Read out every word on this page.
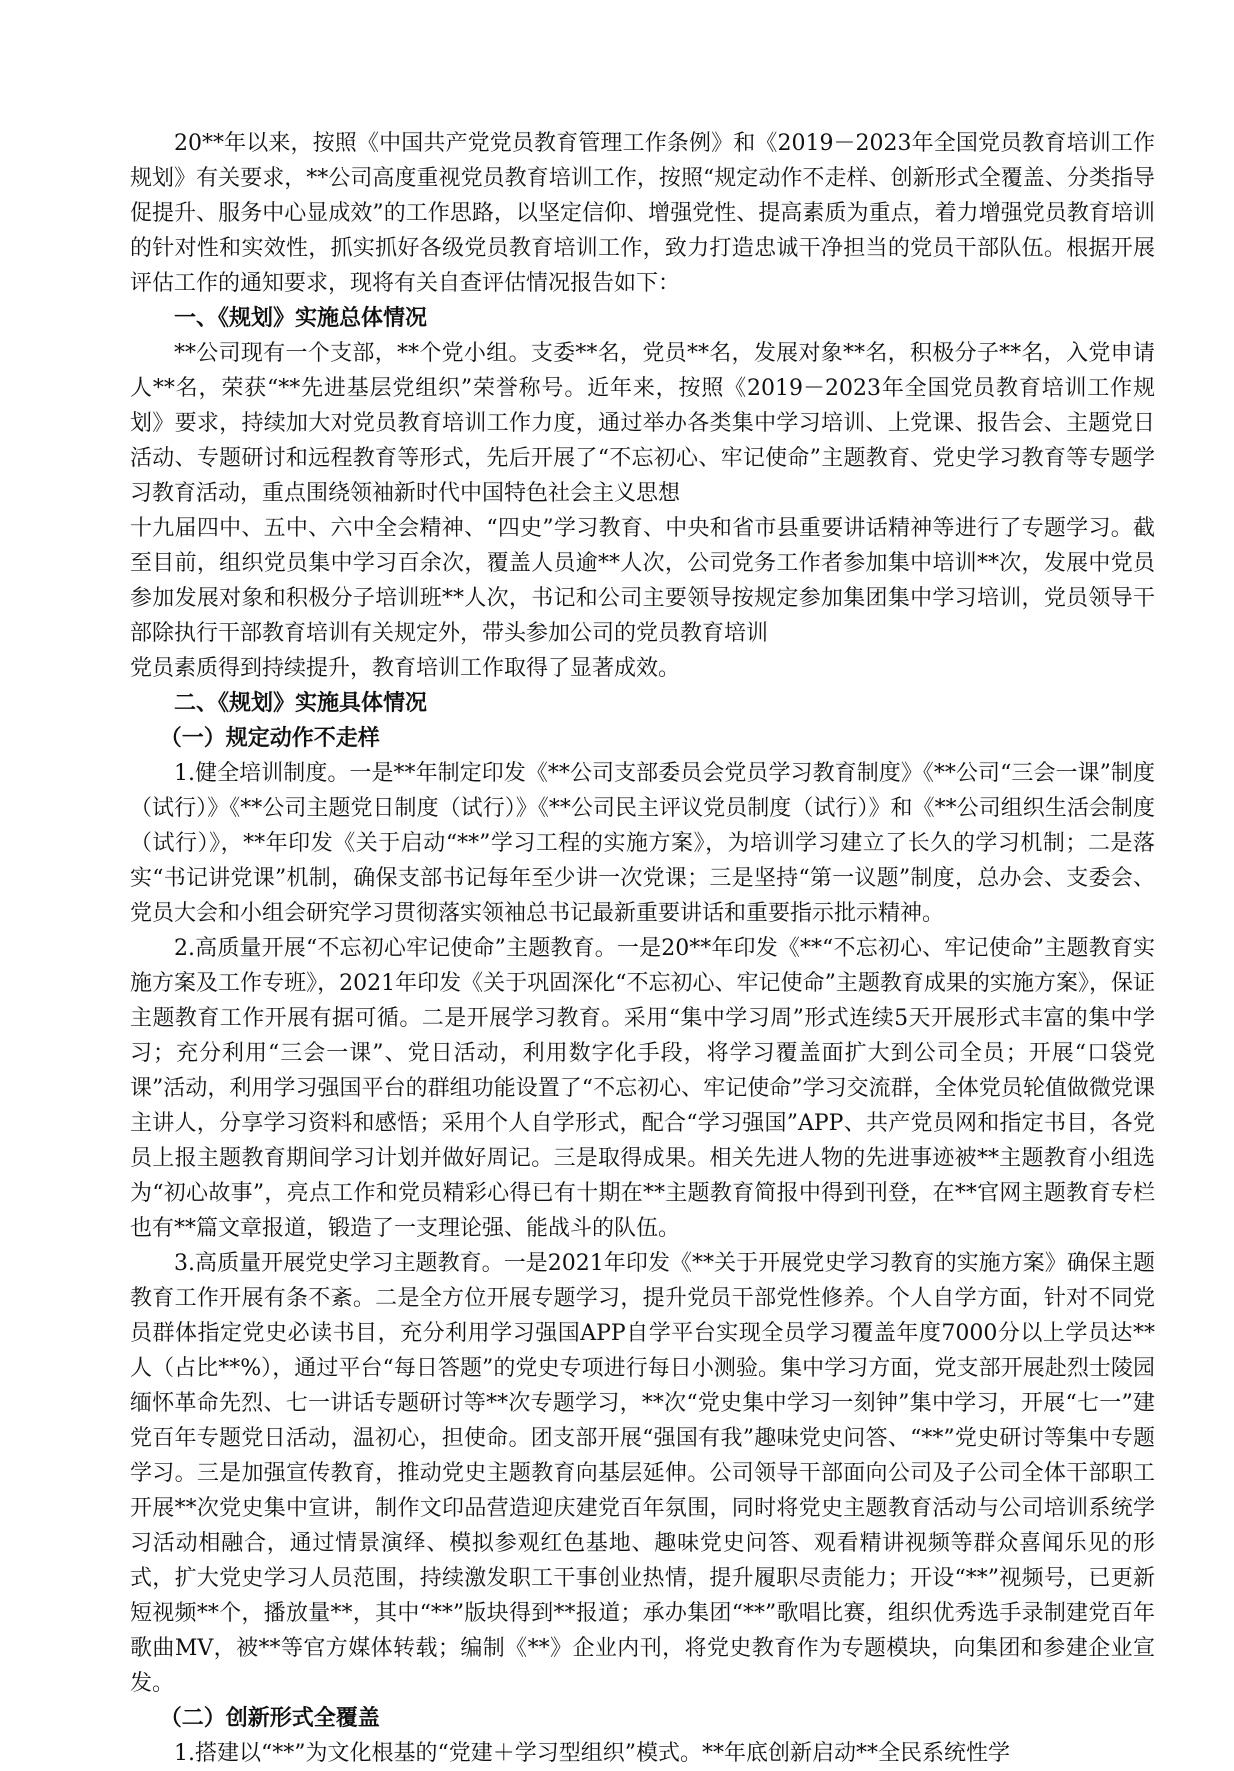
20**年以来，按照《中国共产党党员教育管理工作条例》和《2019－2023年全国党员教育培训工作规划》有关要求，**公司高度重视党员教育培训工作，按照“规定动作不走样、创新形式全覆盖、分类指导促提升、服务中心显成效”的工作思路，以坚定信仰、增强党性、提高素质为重点，着力增强党员教育培训的针对性和实效性，抓实抓好各级党员教育培训工作，致力打造忠诚干净担当的党员干部队伍。根据开展评估工作的通知要求，现将有关自查评估情况报告如下：

一、《规划》实施总体情况

**公司现有一个支部，**个党小组。支委**名，党员**名，发展对象**名，积极分子**名，入党申请人**名，荣获“**先进基层党组织”荣誉称号。近年来，按照《2019－2023年全国党员教育培训工作规划》要求，持续加大对党员教育培训工作力度，通过举办各类集中学习培训、上党课、报告会、主题党日活动、专题研讨和远程教育等形式，先后开展了“不忘初心、牢记使命”主题教育、党史学习教育等专题学习教育活动，重点围绕领袖新时代中国特色社会主义思想
十九届四中、五中、六中全会精神、“四史”学习教育、中央和省市县重要讲话精神等进行了专题学习。截至目前，组织党员集中学习百余次，覆盖人员逾**人次，公司党务工作者参加集中培训**次，发展中党员参加发展对象和积极分子培训班**人次，书记和公司主要领导按规定参加集团集中学习培训，党员领导干部除执行干部教育培训有关规定外，带头参加公司的党员教育培训
党员素质得到持续提升，教育培训工作取得了显著成效。

二、《规划》实施具体情况
（一）规定动作不走样

1.健全培训制度。一是**年制定印发《**公司支部委员会党员学习教育制度》《**公司“三会一课”制度（试行）》《**公司主题党日制度（试行）》《**公司民主评议党员制度（试行）》和《**公司组织生活会制度（试行）》，**年印发《关于启动“**”学习工程的实施方案》，为培训学习建立了长久的学习机制；二是落实“书记讲党课”机制，确保支部书记每年至少讲一次党课；三是坚持“第一议题”制度，总办会、支委会、党员大会和小组会研究学习贯彻落实领袖总书记最新重要讲话和重要指示批示精神。

2.高质量开展“不忘初心牢记使命”主题教育。一是20**年印发《**“不忘初心、牢记使命”主题教育实施方案及工作专班》，2021年印发《关于巩固深化“不忘初心、牢记使命”主题教育成果的实施方案》，保证主题教育工作开展有据可循。二是开展学习教育。采用“集中学习周”形式连续5天开展形式丰富的集中学习；充分利用“三会一课”、党日活动，利用数字化手段，将学习覆盖面扩大到公司全员；开展“口袋党课”活动，利用学习强国平台的群组功能设置了“不忘初心、牢记使命”学习交流群，全体党员轮值做微党课主讲人，分享学习资料和感悟；采用个人自学形式，配合“学习强国”APP、共产党员网和指定书目，各党员上报主题教育期间学习计划并做好周记。三是取得成果。相关先进人物的先进事迹被**主题教育小组选为“初心故事”，亮点工作和党员精彩心得已有十期在**主题教育简报中得到刊登，在**官网主题教育专栏也有**篇文章报道，锻造了一支理论强、能战斗的队伍。

3.高质量开展党史学习主题教育。一是2021年印发《**关于开展党史学习教育的实施方案》确保主题教育工作开展有条不紊。二是全方位开展专题学习，提升党员干部党性修养。个人自学方面，针对不同党员群体指定党史必读书目，充分利用学习强国APP自学平台实现全员学习覆盖年度7000分以上学员达**人（占比**%），通过平台“每日答题”的党史专项进行每日小测验。集中学习方面，党支部开展赴烈士陵园缅怀革命先烈、七一讲话专题研讨等**次专题学习，**次“党史集中学习一刻钟”集中学习，开展“七一”建党百年专题党日活动，温初心，担使命。团支部开展“强国有我”趣味党史问答、“**”党史研讨等集中专题学习。三是加强宣传教育，推动党史主题教育向基层延伸。公司领导干部面向公司及子公司全体干部职工开展**次党史集中宣讲，制作文印品营造迎庆建党百年氛围，同时将党史主题教育活动与公司培训系统学习活动相融合，通过情景演绎、模拟参观红色基地、趣味党史问答、观看精讲视频等群众喜闻乐见的形式，扩大党史学习人员范围，持续激发职工干事创业热情，提升履职尽责能力；开设“**”视频号，已更新短视频**个，播放量**，其中“**”版块得到**报道；承办集团“**”歌唱比赛，组织优秀选手录制建党百年歌曲MV，被**等官方媒体转载；编制《**》企业内刊，将党史教育作为专题模块，向集团和参建企业宣发。

（二）创新形式全覆盖

1.搭建以“**”为文化根基的“党建＋学习型组织”模式。**年底创新启动**全民系统性学
